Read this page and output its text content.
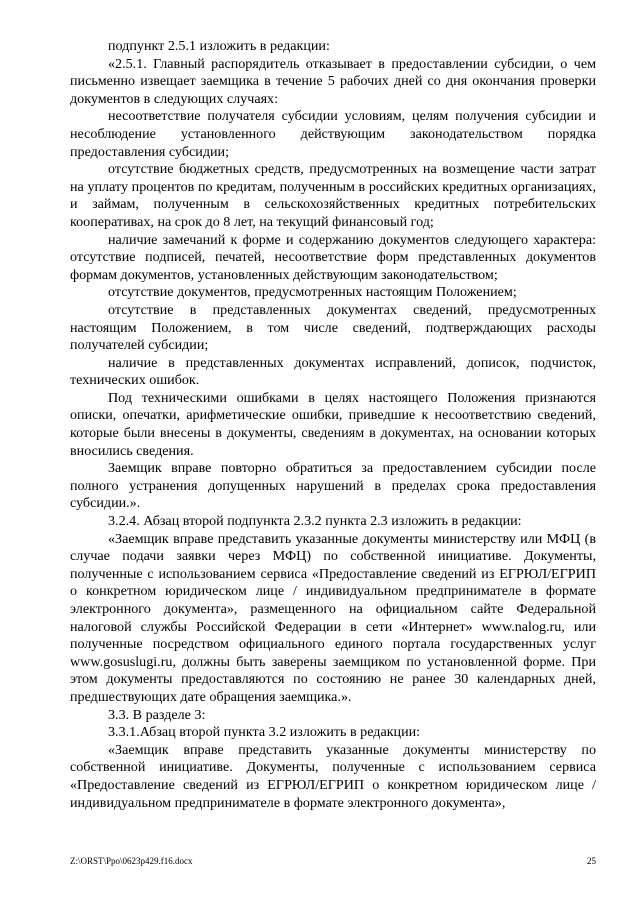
подпункт 2.5.1 изложить в редакции:

«2.5.1. Главный распорядитель отказывает в предоставлении субсидии, о чем письменно извещает заемщика в течение 5 рабочих дней со дня окончания проверки документов в следующих случаях:

несоответствие получателя субсидии условиям, целям получения субсидии и несоблюдение установленного действующим законодательством порядка предоставления субсидии;

отсутствие бюджетных средств, предусмотренных на возмещение части затрат на уплату процентов по кредитам, полученным в российских кредитных организациях, и займам, полученным в сельскохозяйственных кредитных потребительских кооперативах, на срок до 8 лет, на текущий финансовый год;

наличие замечаний к форме и содержанию документов следующего характера: отсутствие подписей, печатей, несоответствие форм представленных документов формам документов, установленных действующим законодательством;

отсутствие документов, предусмотренных настоящим Положением;

отсутствие в представленных документах сведений, предусмотренных настоящим Положением, в том числе сведений, подтверждающих расходы получателей субсидии;

наличие в представленных документах исправлений, дописок, подчисток, технических ошибок.

Под техническими ошибками в целях настоящего Положения признаются описки, опечатки, арифметические ошибки, приведшие к несоответствию сведений, которые были внесены в документы, сведениям в документах, на основании которых вносились сведения.

Заемщик вправе повторно обратиться за предоставлением субсидии после полного устранения допущенных нарушений в пределах срока предоставления субсидии.».

3.2.4. Абзац второй подпункта 2.3.2 пункта 2.3 изложить в редакции:

«Заемщик вправе представить указанные документы министерству или МФЦ (в случае подачи заявки через МФЦ) по собственной инициативе. Документы, полученные с использованием сервиса «Предоставление сведений из ЕГРЮЛ/ЕГРИП о конкретном юридическом лице / индивидуальном предпринимателе в формате электронного документа», размещенного на официальном сайте Федеральной налоговой службы Российской Федерации в сети «Интернет» www.nalog.ru, или полученные посредством официального единого портала государственных услуг www.gosuslugi.ru, должны быть заверены заемщиком по установленной форме. При этом документы предоставляются по состоянию не ранее 30 календарных дней, предшествующих дате обращения заемщика.».

3.3. В разделе 3:

3.3.1.Абзац второй пункта 3.2 изложить в редакции:

«Заемщик вправе представить указанные документы министерству по собственной инициативе. Документы, полученные с использованием сервиса «Предоставление сведений из ЕГРЮЛ/ЕГРИП о конкретном юридическом лице / индивидуальном предпринимателе в формате электронного документа»,

Z:\ORST\Ppo\0623p429.f16.docx	25
